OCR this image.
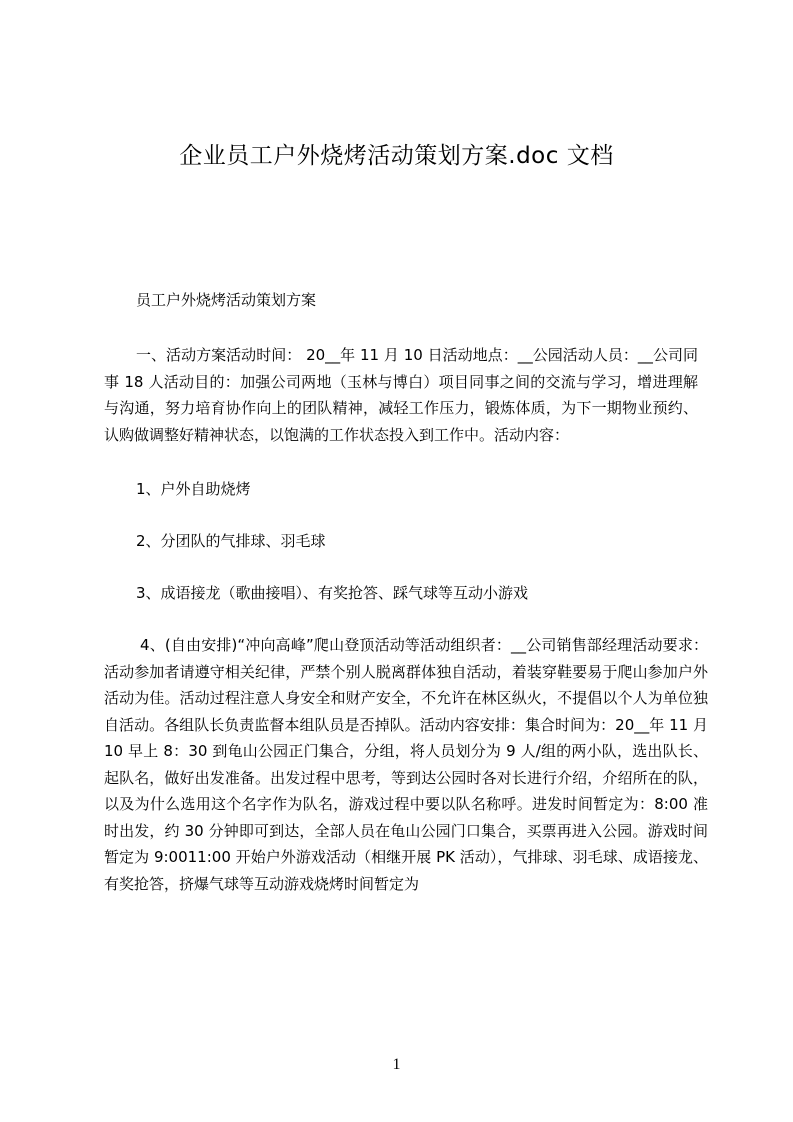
企业员工户外烧烤活动策划方案.doc 文档
员工户外烧烤活动策划方案
一、活动方案活动时间： 20__年 11 月 10 日活动地点：__公园活动人员：__公司同事 18 人活动目的：加强公司两地（玉林与博白）项目同事之间的交流与学习，增进理解与沟通，努力培育协作向上的团队精神，减轻工作压力，锻炼体质，为下一期物业预约、认购做调整好精神状态，以饱满的工作状态投入到工作中。活动内容：
1、户外自助烧烤
2、分团队的气排球、羽毛球
3、成语接龙（歌曲接唱）、有奖抢答、踩气球等互动小游戏
4、(自由安排)“冲向高峰”爬山登顶活动等活动组织者：__公司销售部经理活动要求：活动参加者请遵守相关纪律，严禁个别人脱离群体独自活动，着装穿鞋要易于爬山参加户外活动为佳。活动过程注意人身安全和财产安全，不允许在林区纵火，不提倡以个人为单位独自活动。各组队长负责监督本组队员是否掉队。活动内容安排：集合时间为：20__年 11 月 10 早上 8：30 到龟山公园正门集合，分组，将人员划分为 9 人/组的两小队，选出队长、起队名，做好出发准备。出发过程中思考，等到达公园时各对长进行介绍，介绍所在的队，以及为什么选用这个名字作为队名，游戏过程中要以队名称呼。进发时间暂定为：8:00 准时出发，约 30 分钟即可到达，全部人员在龟山公园门口集合，买票再进入公园。游戏时间暂定为 9:0011:00 开始户外游戏活动（相继开展 PK 活动），气排球、羽毛球、成语接龙、有奖抢答，挤爆气球等互动游戏烧烤时间暂定为
1
